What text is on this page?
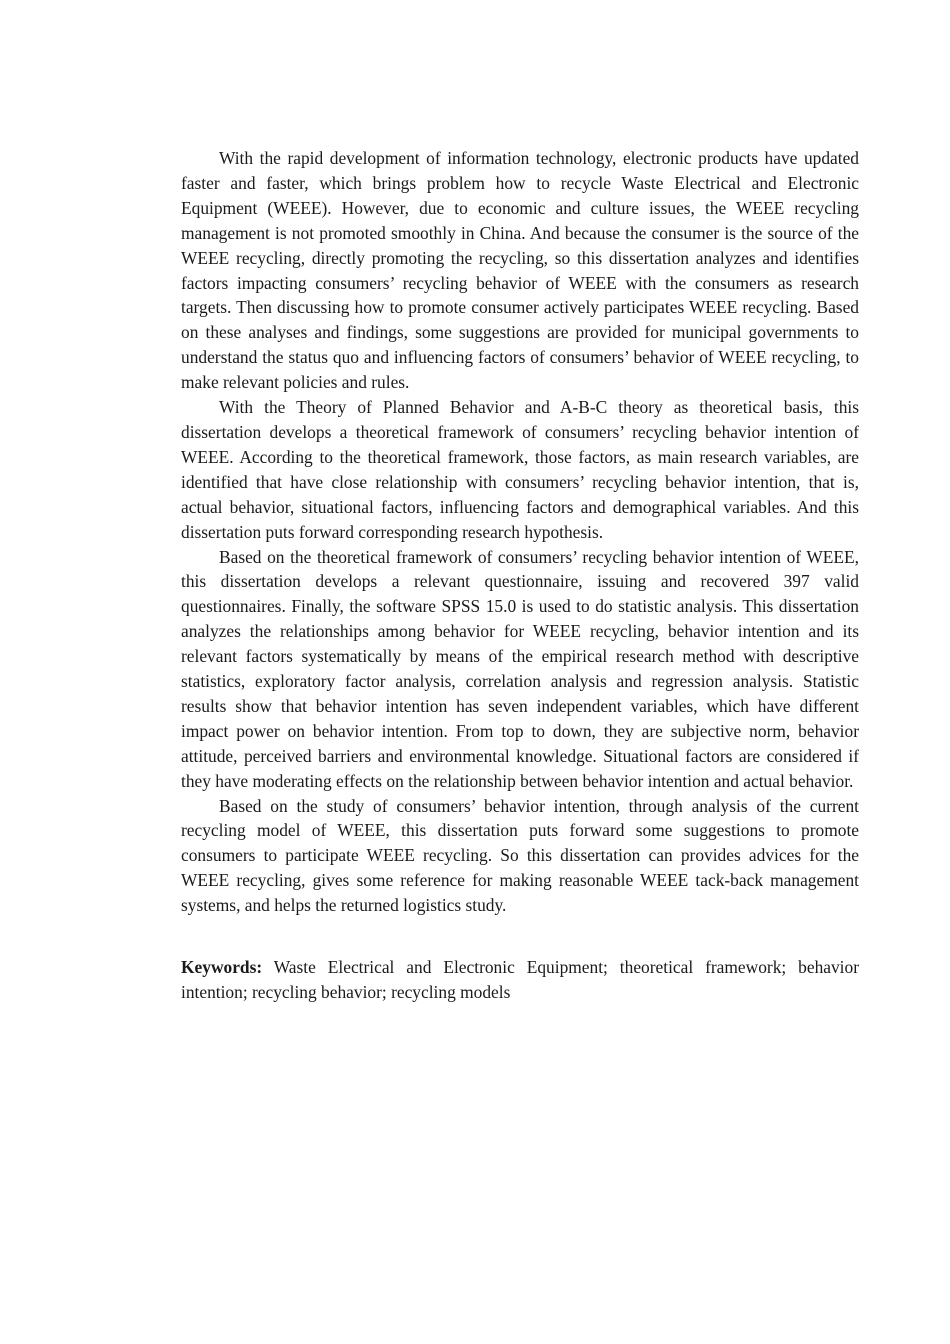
With the rapid development of information technology, electronic products have updated faster and faster, which brings problem how to recycle Waste Electrical and Electronic Equipment (WEEE). However, due to economic and culture issues, the WEEE recycling management is not promoted smoothly in China. And because the consumer is the source of the WEEE recycling, directly promoting the recycling, so this dissertation analyzes and identifies factors impacting consumers’ recycling behavior of WEEE with the consumers as research targets. Then discussing how to promote consumer actively participates WEEE recycling. Based on these analyses and findings, some suggestions are provided for municipal governments to understand the status quo and influencing factors of consumers’ behavior of WEEE recycling, to make relevant policies and rules.

With the Theory of Planned Behavior and A-B-C theory as theoretical basis, this dissertation develops a theoretical framework of consumers’ recycling behavior intention of WEEE. According to the theoretical framework, those factors, as main research variables, are identified that have close relationship with consumers’ recycling behavior intention, that is, actual behavior, situational factors, influencing factors and demographical variables. And this dissertation puts forward corresponding research hypothesis.

Based on the theoretical framework of consumers’ recycling behavior intention of WEEE, this dissertation develops a relevant questionnaire, issuing and recovered 397 valid questionnaires. Finally, the software SPSS 15.0 is used to do statistic analysis. This dissertation analyzes the relationships among behavior for WEEE recycling, behavior intention and its relevant factors systematically by means of the empirical research method with descriptive statistics, exploratory factor analysis, correlation analysis and regression analysis. Statistic results show that behavior intention has seven independent variables, which have different impact power on behavior intention. From top to down, they are subjective norm, behavior attitude, perceived barriers and environmental knowledge. Situational factors are considered if they have moderating effects on the relationship between behavior intention and actual behavior.

Based on the study of consumers’ behavior intention, through analysis of the current recycling model of WEEE, this dissertation puts forward some suggestions to promote consumers to participate WEEE recycling. So this dissertation can provides advices for the WEEE recycling, gives some reference for making reasonable WEEE tack-back management systems, and helps the returned logistics study.

Keywords: Waste Electrical and Electronic Equipment; theoretical framework; behavior intention; recycling behavior; recycling models
